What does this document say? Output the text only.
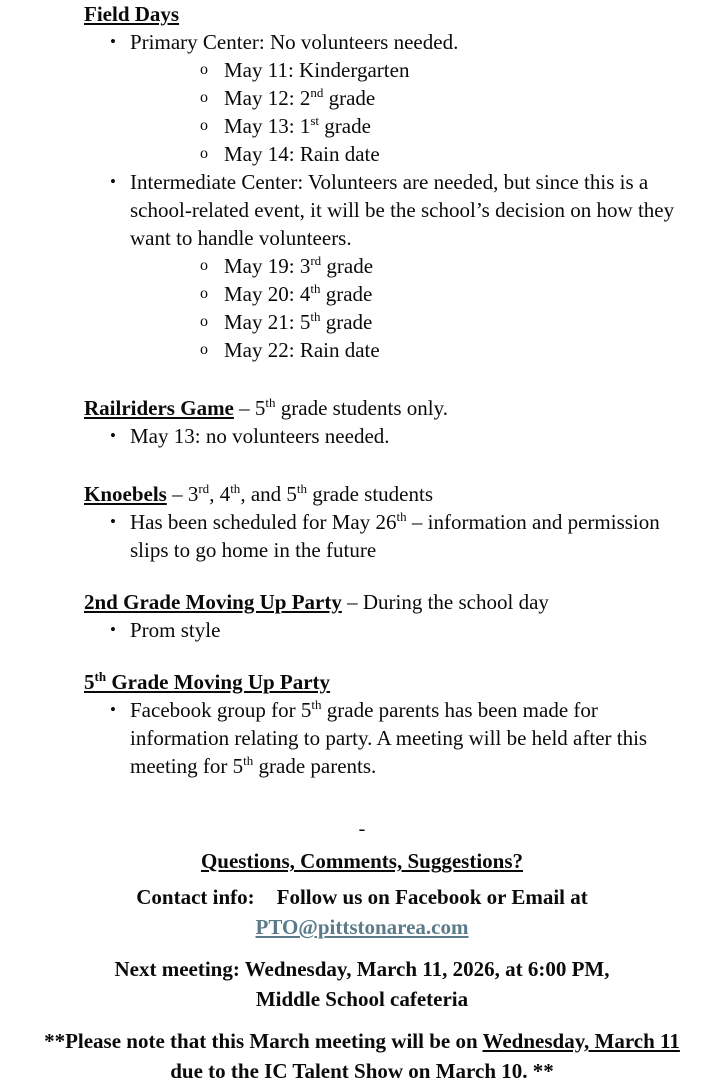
Field Days

• Primary Center: No volunteers needed.
o May 11: Kindergarten
o May 12: 2nd grade
o May 13: 1st grade
o May 14: Rain date
• Intermediate Center: Volunteers are needed, but since this is a school-related event, it will be the school’s decision on how they want to handle volunteers.
o May 19: 3rd grade
o May 20: 4th grade
o May 21: 5th grade
o May 22: Rain date

Railriders Game – 5th grade students only.

• May 13: no volunteers needed.

Knoebels – 3rd, 4th, and 5th grade students

• Has been scheduled for May 26th – information and permission slips to go home in the future

2nd Grade Moving Up Party – During the school day

• Prom style

5th Grade Moving Up Party

• Facebook group for 5th grade parents has been made for information relating to party. A meeting will be held after this meeting for 5th grade parents.

-

Questions, Comments, Suggestions?

Contact info: Follow us on Facebook or Email at

PTO@pittstonarea.com

Next meeting: Wednesday, March 11, 2026, at 6:00 PM,

Middle School cafeteria

**Please note that this March meeting will be on Wednesday, March 11 due to the IC Talent Show on March 10. **
